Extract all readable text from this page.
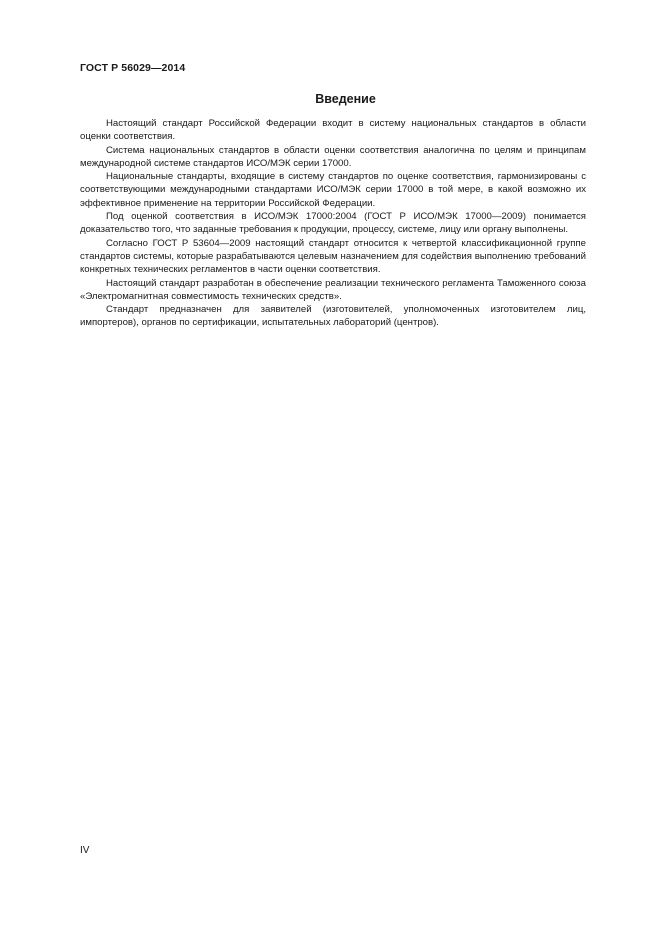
ГОСТ Р 56029—2014

Введение

Настоящий стандарт Российской Федерации входит в систему национальных стандартов в области оценки соответствия.

Система национальных стандартов в области оценки соответствия аналогична по целям и принципам международной системе стандартов ИСО/МЭК серии 17000.

Национальные стандарты, входящие в систему стандартов по оценке соответствия, гармонизированы с соответствующими международными стандартами ИСО/МЭК серии 17000 в той мере, в какой возможно их эффективное применение на территории Российской Федерации.

Под оценкой соответствия в ИСО/МЭК 17000:2004 (ГОСТ Р ИСО/МЭК 17000—2009) понимается доказательство того, что заданные требования к продукции, процессу, системе, лицу или органу выполнены.

Согласно ГОСТ Р 53604—2009 настоящий стандарт относится к четвертой классификационной группе стандартов системы, которые разрабатываются целевым назначением для содействия выполнению требований конкретных технических регламентов в части оценки соответствия.

Настоящий стандарт разработан в обеспечение реализации технического регламента Таможенного союза «Электромагнитная совместимость технических средств».

Стандарт предназначен для заявителей (изготовителей, уполномоченных изготовителем лиц, импортеров), органов по сертификации, испытательных лабораторий (центров).

IV
